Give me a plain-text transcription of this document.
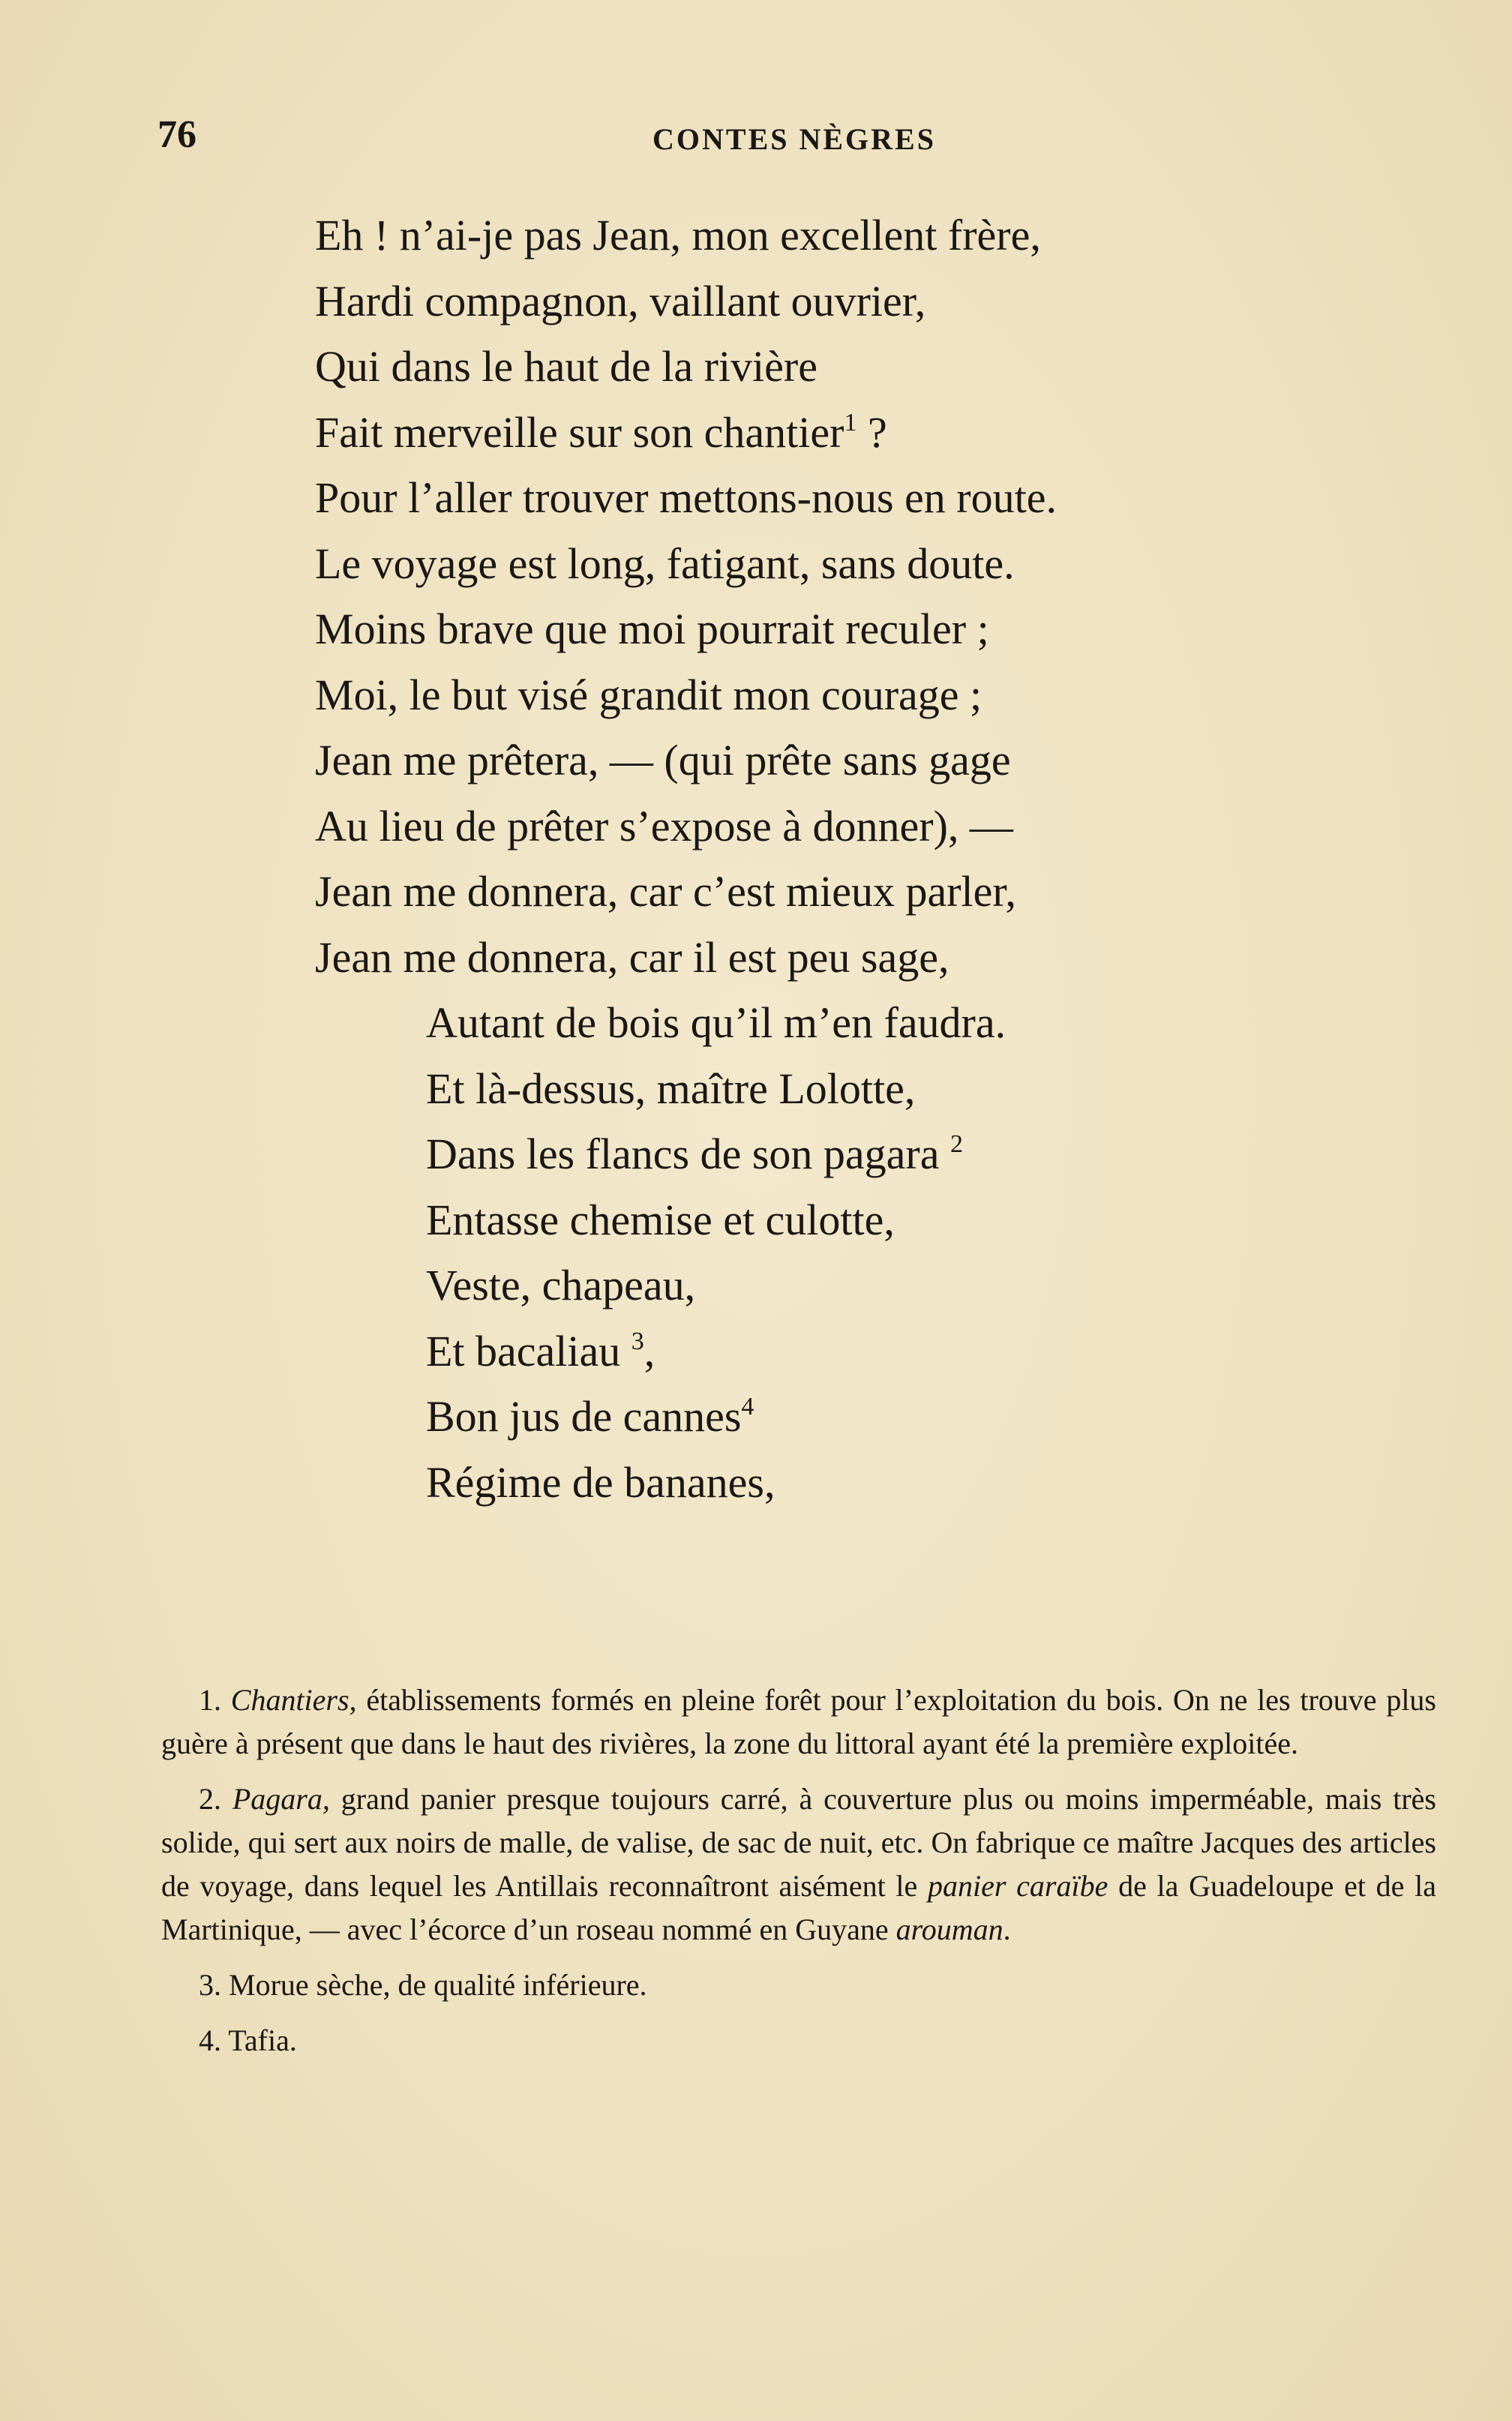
76	CONTES NÈGRES
Eh ! n’ai-je pas Jean, mon excellent frère,
Hardi compagnon, vaillant ouvrier,
Qui dans le haut de la rivière
Fait merveille sur son chantier$^1$ ?
Pour l’aller trouver mettons-nous en route.
Le voyage est long, fatigant, sans doute.
Moins brave que moi pourrait reculer ;
Moi, le but visé grandit mon courage ;
Jean me prêtera, — (qui prête sans gage
Au lieu de prêter s’expose à donner), —
Jean me donnera, car c’est mieux parler,
Jean me donnera, car il est peu sage,
Autant de bois qu’il m’en faudra.
Et là-dessus, maître Lolotte,
Dans les flancs de son pagara $^2$
Entasse chemise et culotte,
Veste, chapeau,
Et bacaliau $^3$,
Bon jus de cannes$^4$
Régime de bananes,

1. Chantiers, établissements formés en pleine forêt pour l’exploitation du bois. On ne les trouve plus guère à présent que dans le haut des rivières, la zone du littoral ayant été la première exploitée.

2. Pagara, grand panier presque toujours carré, à couverture plus ou moins imperméable, mais très solide, qui sert aux noirs de malle, de valise, de sac de nuit, etc. On fabrique ce maître Jacques des articles de voyage, dans lequel les Antillais reconnaîtront aisément le panier caraïbe de la Guadeloupe et de la Martinique, — avec l’écorce d’un roseau nommé en Guyane arouman.

3. Morue sèche, de qualité inférieure.

4. Tafia.
